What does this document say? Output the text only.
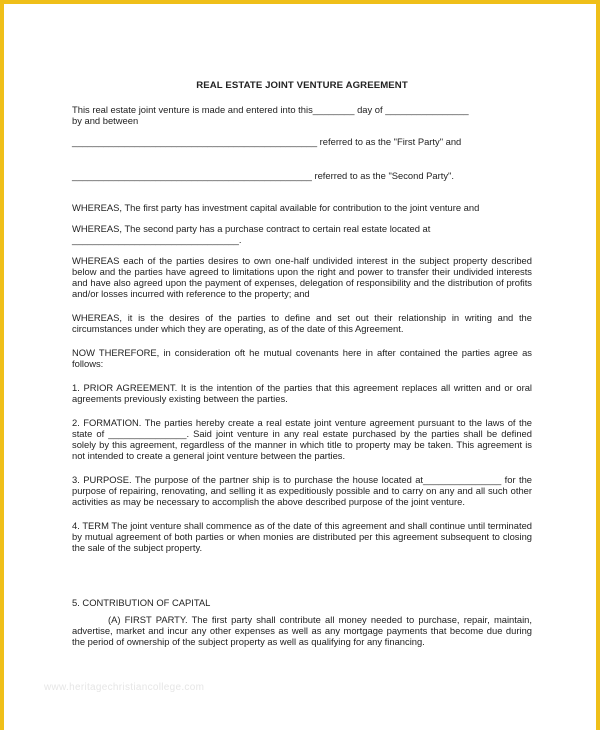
REAL ESTATE JOINT VENTURE AGREEMENT
This real estate joint venture is made and entered into this________ day of ________________
by and between
_______________________________________________ referred to as the "First Party" and
______________________________________________ referred to as the "Second Party".
WHEREAS, The first party has investment capital available for contribution to the joint venture and
WHEREAS, The second party has a purchase contract to certain real estate located at
________________________________.
WHEREAS each of the parties desires to own one-half undivided interest in the subject property described below and the parties have agreed to limitations upon the right and power to transfer their undivided interests and have also agreed upon the payment of expenses, delegation of responsibility and the distribution of profits and/or losses incurred with reference to the property; and
WHEREAS, it is the desires of the parties to define and set out their relationship in writing and the circumstances under which they are operating, as of the date of this Agreement.
NOW THEREFORE, in consideration oft he mutual covenants here in after contained the parties agree as follows:
1. PRIOR AGREEMENT. It is the intention of the parties that this agreement replaces all written and or oral agreements previously existing between the parties.
2. FORMATION. The parties hereby create a real estate joint venture agreement pursuant to the laws of the state of _______________. Said joint venture in any real estate purchased by the parties shall be defined solely by this agreement, regardless of the manner in which title to property may be taken. This agreement is not intended to create a general joint venture between the parties.
3. PURPOSE. The purpose of the partner ship is to purchase the house located at_______________ for the purpose of repairing, renovating, and selling it as expeditiously possible and to carry on any and all such other activities as may be necessary to accomplish the above described purpose of the joint venture.
4. TERM The joint venture shall commence as of the date of this agreement and shall continue until terminated by mutual agreement of both parties or when monies are distributed per this agreement subsequent to closing the sale of the subject property.
5. CONTRIBUTION OF CAPITAL
(A) FIRST PARTY. The first party shall contribute all money needed to purchase, repair, maintain, advertise, market and incur any other expenses as well as any mortgage payments that become due during the period of ownership of the subject property as well as qualifying for any financing.
www.heritagechristiancollege.com
